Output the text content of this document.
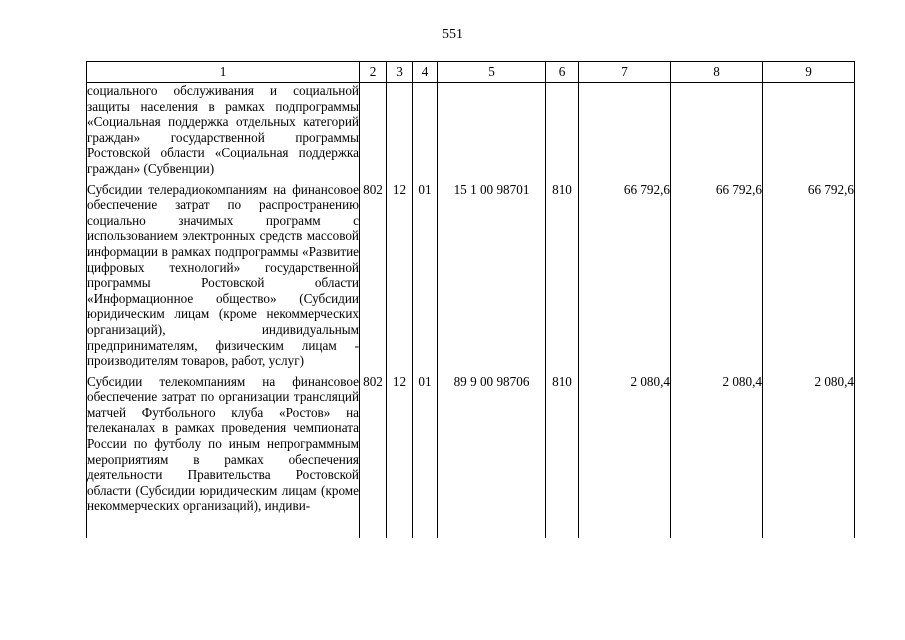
551
1	2	3	4	5	6	7	8	9
социального обслуживания и социальной защиты населения в рамках подпрограммы «Социальная поддержка отдельных категорий граждан» государственной программы Ростовской области «Социальная поддержка граждан» (Субвенции)								
Субсидии телерадиокомпаниям на финансовое обеспечение затрат по распространению социально значимых программ с использованием электронных средств массовой информации в рамках подпрограммы «Развитие цифровых технологий» государственной программы Ростовской области «Информационное общество» (Субсидии юридическим лицам (кроме некоммерческих организаций), индивидуальным предпринимателям, физическим лицам - производителям товаров, работ, услуг)	802	12	01	15 1 00 98701	810	66 792,6	66 792,6	66 792,6
Субсидии телекомпаниям на финансовое обеспечение затрат по организации трансляций матчей Футбольного клуба «Ростов» на телеканалах в рамках проведения чемпионата России по футболу по иным непрограммным мероприятиям в рамках обеспечения деятельности Правительства Ростовской области (Субсидии юридическим лицам (кроме некоммерческих организаций), индиви-	802	12	01	89 9 00 98706	810	2 080,4	2 080,4	2 080,4
